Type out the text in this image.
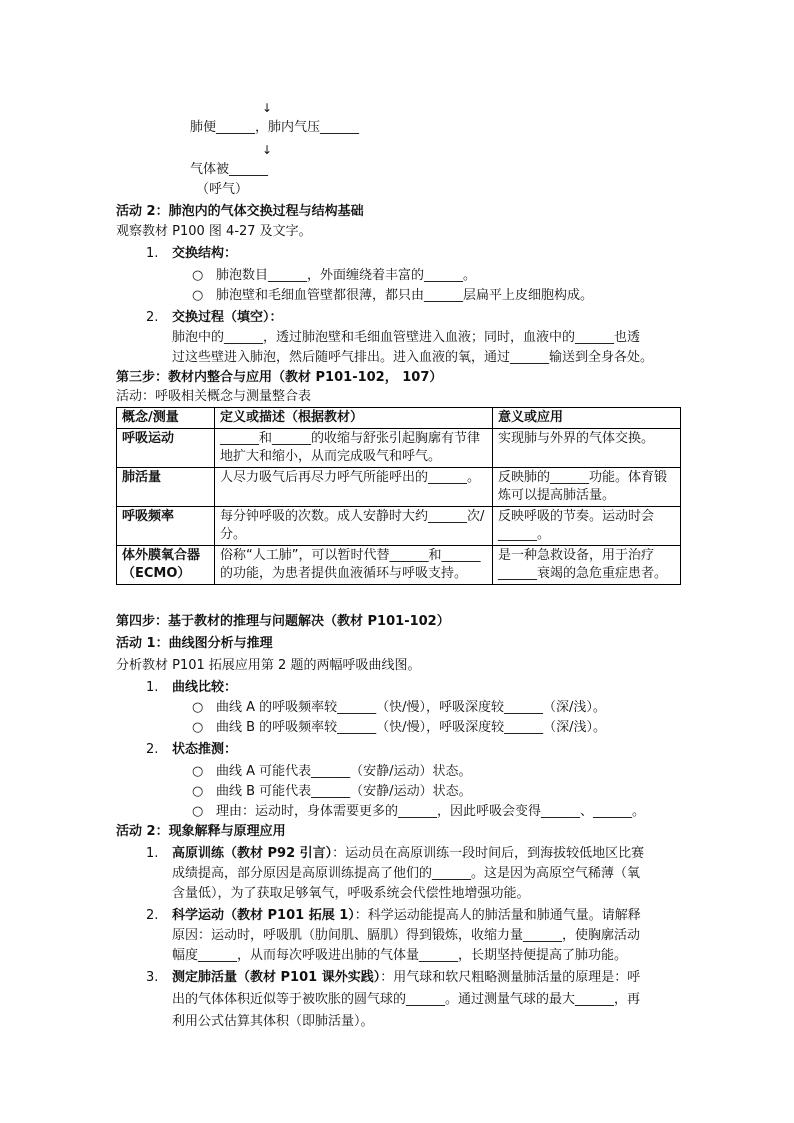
↓
肺便______，肺内气压______
↓
气体被______
（呼气）
活动 2：肺泡内的气体交换过程与结构基础
观察教材 P100 图 4-27 及文字。
1. 交换结构：
○ 肺泡数目______，外面缠绕着丰富的______。
○ 肺泡壁和毛细血管壁都很薄，都只由______层扁平上皮细胞构成。
2. 交换过程（填空）：
肺泡中的______，透过肺泡壁和毛细血管壁进入血液；同时，血液中的______也透
过这些壁进入肺泡，然后随呼气排出。进入血液的氧，通过______输送到全身各处。
第三步：教材内整合与应用（教材 P101-102， 107）
活动：呼吸相关概念与测量整合表
概念/测量	定义或描述（根据教材）	意义或应用
呼吸运动	______和______的收缩与舒张引起胸廓有节律地扩大和缩小，从而完成吸气和呼气。	实现肺与外界的气体交换。
肺活量	人尽力吸气后再尽力呼气所能呼出的______。	反映肺的______功能。体育锻炼可以提高肺活量。
呼吸频率	每分钟呼吸的次数。成人安静时大约______次/分。	反映呼吸的节奏。运动时会______。
体外膜氧合器（ECMO）	俗称“人工肺”，可以暂时代替______和______的功能，为患者提供血液循环与呼吸支持。	是一种急救设备，用于治疗______衰竭的急危重症患者。
第四步：基于教材的推理与问题解决（教材 P101-102）
活动 1：曲线图分析与推理
分析教材 P101 拓展应用第 2 题的两幅呼吸曲线图。
1. 曲线比较：
○ 曲线 A 的呼吸频率较______（快/慢），呼吸深度较______（深/浅）。
○ 曲线 B 的呼吸频率较______（快/慢），呼吸深度较______（深/浅）。
2. 状态推测：
○ 曲线 A 可能代表______（安静/运动）状态。
○ 曲线 B 可能代表______（安静/运动）状态。
○ 理由：运动时，身体需要更多的______，因此呼吸会变得______、______。
活动 2：现象解释与原理应用
1. 高原训练（教材 P92 引言）：运动员在高原训练一段时间后，到海拔较低地区比赛
成绩提高，部分原因是高原训练提高了他们的______。这是因为高原空气稀薄（氧
含量低），为了获取足够氧气，呼吸系统会代偿性地增强功能。
2. 科学运动（教材 P101 拓展 1）：科学运动能提高人的肺活量和肺通气量。请解释
原因：运动时，呼吸肌（肋间肌、膈肌）得到锻炼，收缩力量______，使胸廓活动
幅度______，从而每次呼吸进出肺的气体量______，长期坚持便提高了肺功能。
3. 测定肺活量（教材 P101 课外实践）：用气球和软尺粗略测量肺活量的原理是：呼
出的气体体积近似等于被吹胀的圆气球的______。通过测量气球的最大______，再
利用公式估算其体积（即肺活量）。
